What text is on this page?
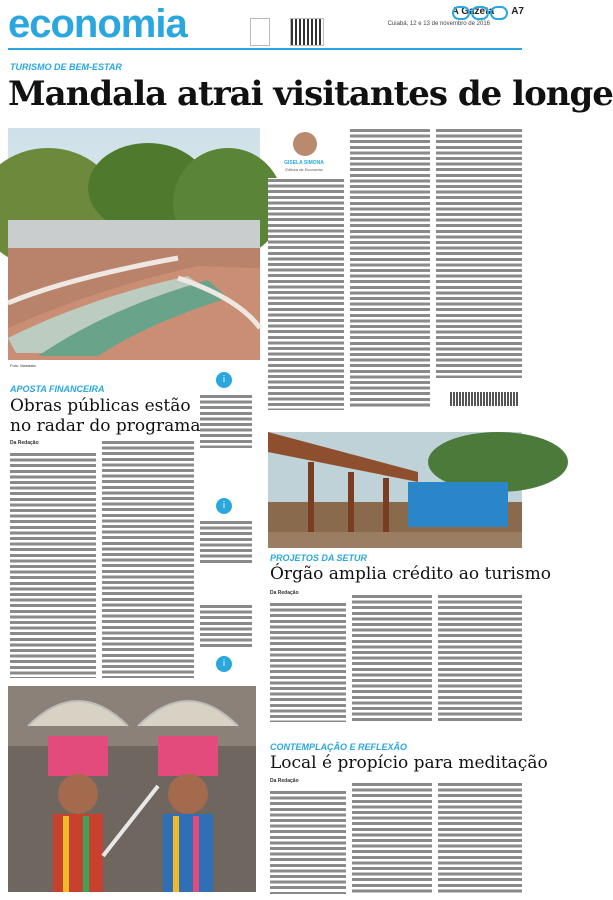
economia	A Gazeta A7
Cuiabá, 12 e 13 de novembro de 2016
TURISMO DE BEM-ESTAR
Mandala atrai visitantes de longe
Foto: Mandala
GISELA SIMONA
Editora de Economia
i
i
i
APOSTA FINANCEIRA
Obras públicas estão
no radar do programa
Da Redação
PROJETOS DA SETUR
Órgão amplia crédito ao turismo
Da Redação
CONTEMPLAÇÃO E REFLEXÃO
Local é propício para meditação
Da Redação
